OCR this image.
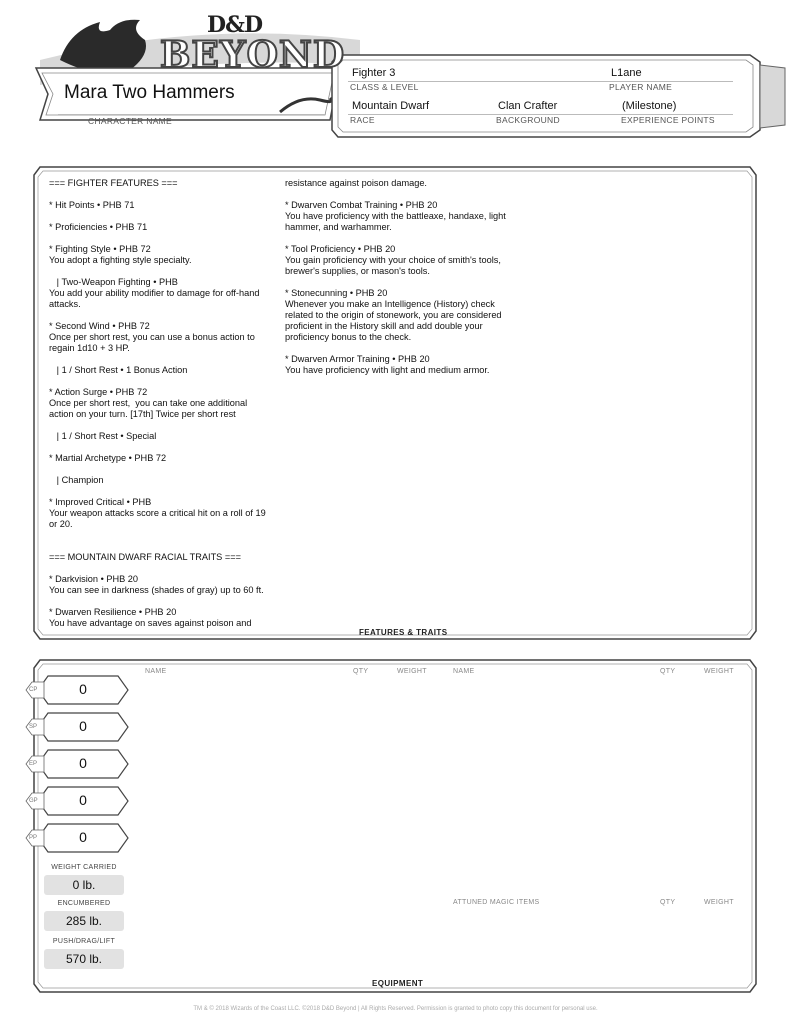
D&D
BEYOND
Mara Two Hammers
CHARACTER NAME
Fighter 3	L1ane
CLASS & LEVEL	PLAYER NAME
Mountain Dwarf	Clan Crafter	(Milestone)
RACE	BACKGROUND	EXPERIENCE POINTS
=== FIGHTER FEATURES ===

* Hit Points • PHB 71

* Proficiencies • PHB 71

* Fighting Style • PHB 72
You adopt a fighting style specialty.

| Two-Weapon Fighting • PHB
You add your ability modifier to damage for off-hand
attacks.

* Second Wind • PHB 72
Once per short rest, you can use a bonus action to
regain 1d10 + 3 HP.

| 1 / Short Rest • 1 Bonus Action

* Action Surge • PHB 72
Once per short rest,  you can take one additional
action on your turn. [17th] Twice per short rest

| 1 / Short Rest • Special

* Martial Archetype • PHB 72

| Champion

* Improved Critical • PHB
Your weapon attacks score a critical hit on a roll of 19
or 20.

=== MOUNTAIN DWARF RACIAL TRAITS ===

* Darkvision • PHB 20
You can see in darkness (shades of gray) up to 60 ft.

* Dwarven Resilience • PHB 20
You have advantage on saves against poison and
resistance against poison damage.

* Dwarven Combat Training • PHB 20
You have proficiency with the battleaxe, handaxe, light
hammer, and warhammer.

* Tool Proficiency • PHB 20
You gain proficiency with your choice of smith's tools,
brewer's supplies, or mason's tools.

* Stonecunning • PHB 20
Whenever you make an Intelligence (History) check
related to the origin of stonework, you are considered
proficient in the History skill and add double your
proficiency bonus to the check.

* Dwarven Armor Training • PHB 20
You have proficiency with light and medium armor.
FEATURES & TRAITS
CP	0
SP	0
EP	0
GP	0
PP	0
WEIGHT CARRIED
0 lb.
ENCUMBERED
285 lb.
PUSH/DRAG/LIFT
570 lb.
NAME	QTY	WEIGHT	NAME	QTY	WEIGHT
ATTUNED MAGIC ITEMS	QTY	WEIGHT
EQUIPMENT
TM & © 2018 Wizards of the Coast LLC. ©2018 D&D Beyond | All Rights Reserved. Permission is granted to photo copy this document for personal use.
